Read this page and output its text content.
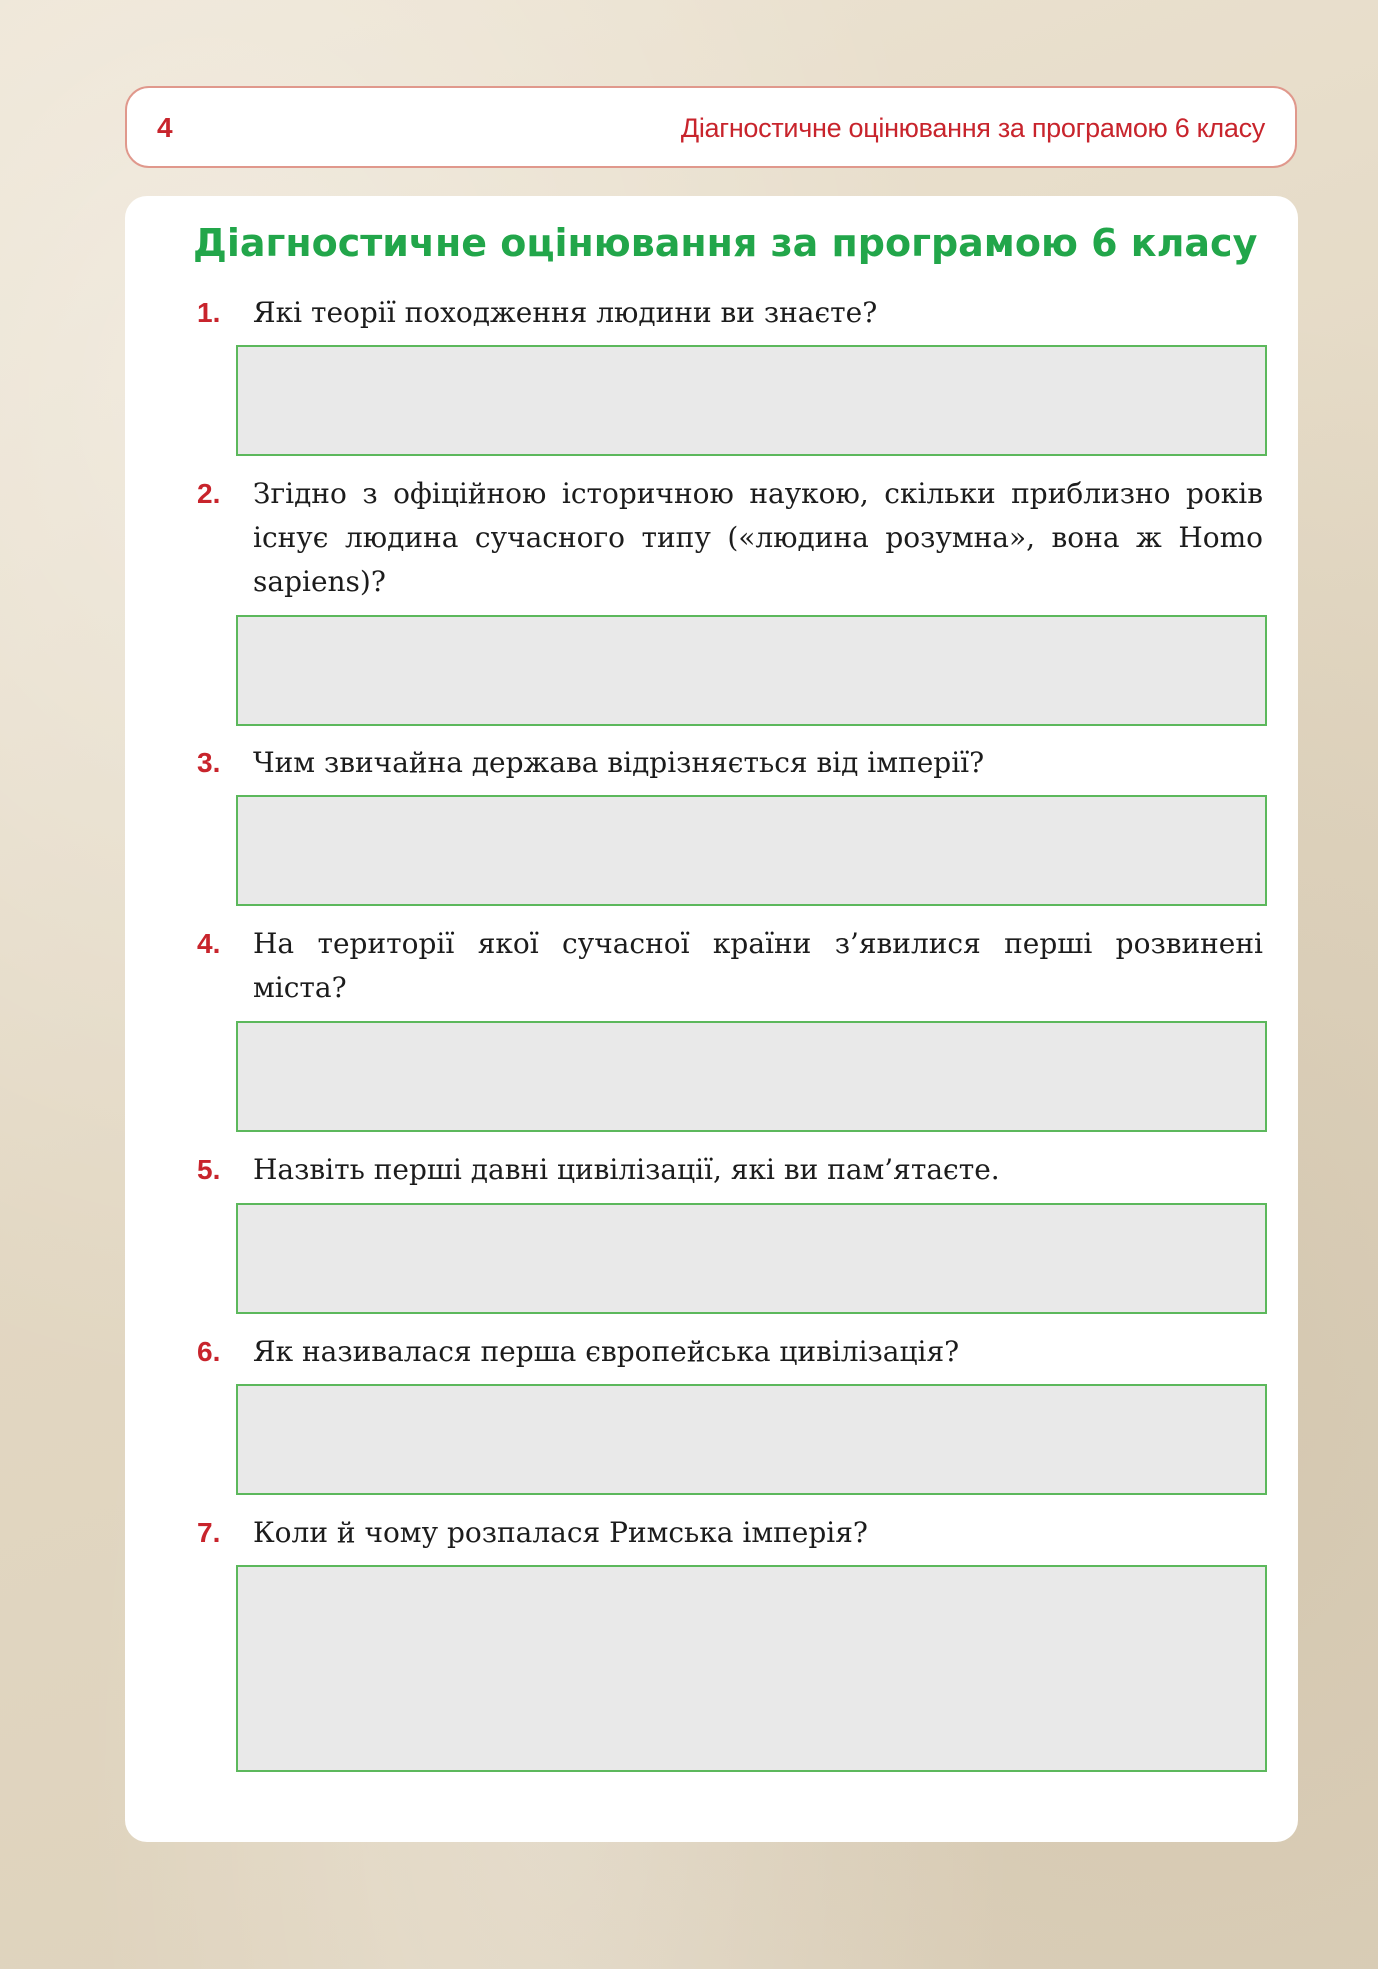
4	Діагностичне оцінювання за програмою 6 класу
Діагностичне оцінювання за програмою 6 класу
1. Які теорії походження людини ви знаєте?

2. Згідно з офіційною історичною наукою, скільки приблизно років існує людина сучасного типу («людина розумна», вона ж Homo sapiens)?

3. Чим звичайна держава відрізняється від імперії?

4. На території якої сучасної країни з’явилися перші розвинені міста?

5. Назвіть перші давні цивілізації, які ви пам’ятаєте.

6. Як називалася перша європейська цивілізація?

7. Коли й чому розпалася Римська імперія?
